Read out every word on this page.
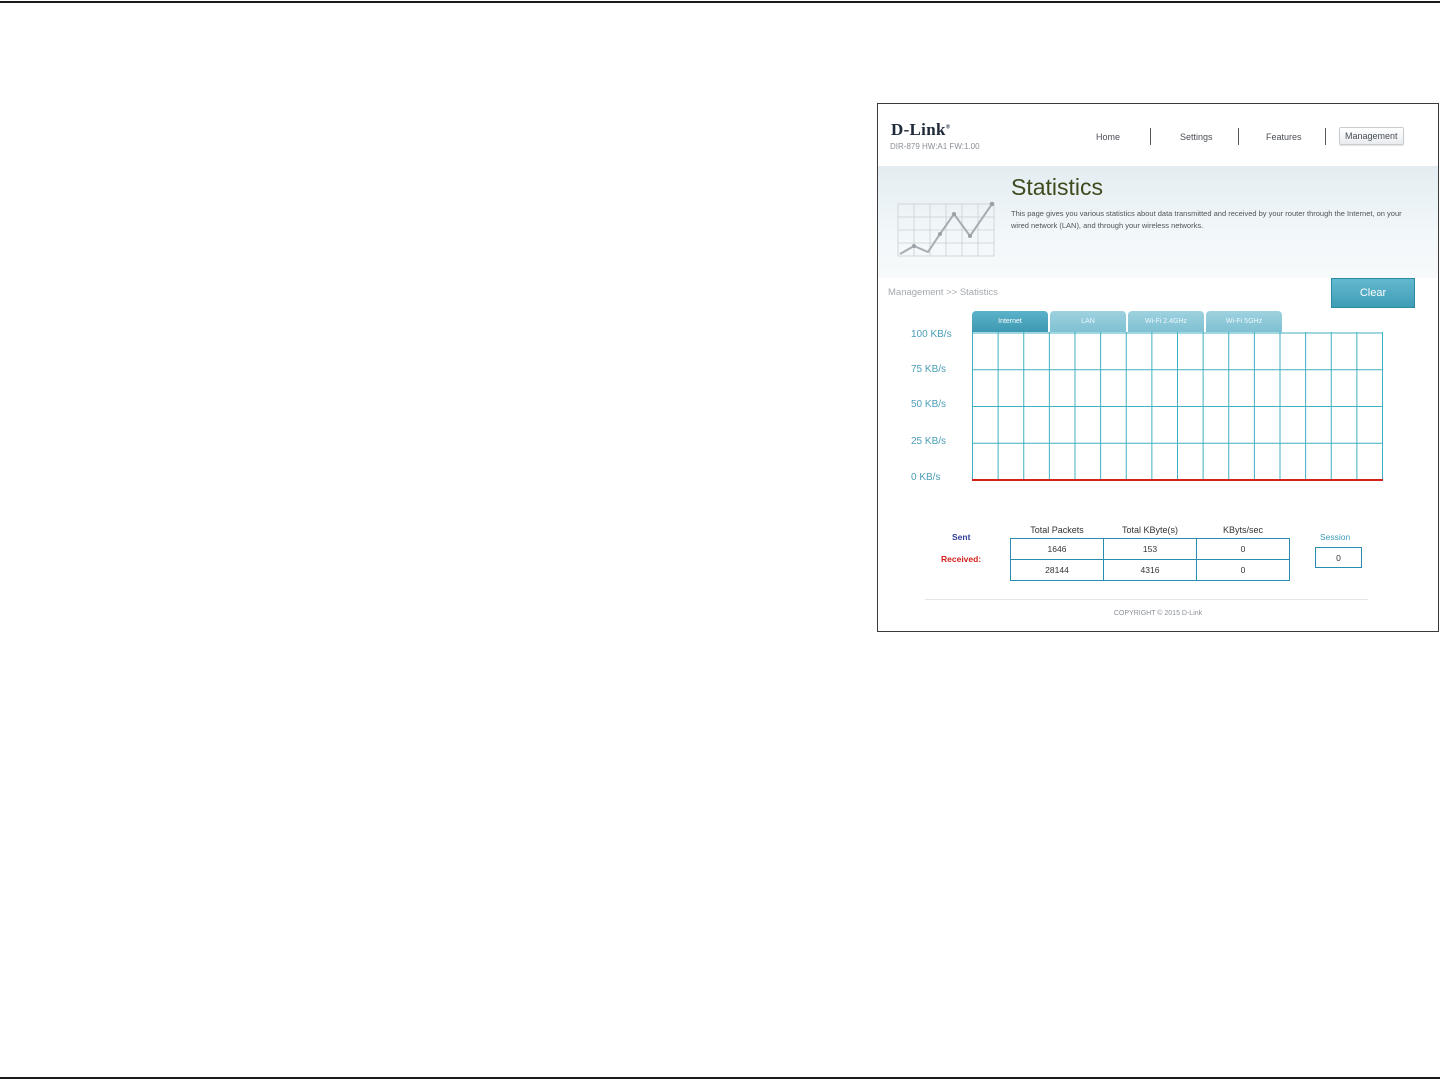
D-Link®
DIR-879 HW:A1 FW:1.00
Home	Settings	Features	Management
Statistics
This page gives you various statistics about data transmitted and received by your router through the Internet, on your wired network (LAN), and through your wireless networks.
Management >> Statistics	Clear
Internet	LAN	Wi-Fi 2.4GHz	Wi-Fi 5GHz
100 KB/s
75 KB/s
50 KB/s
25 KB/s
0 KB/s
Sent
Received:
Total Packets	Total KByte(s)	KByts/sec
1646	153	0
28144	4316	0
Session
0
COPYRIGHT © 2015 D-Link
